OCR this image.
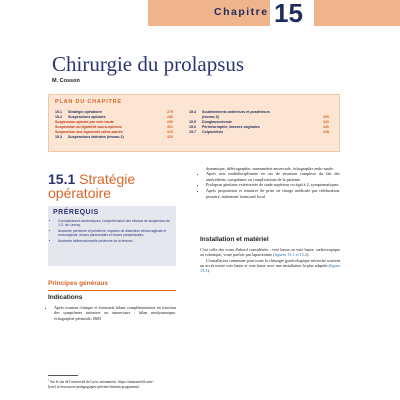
Chapitre 15
Chirurgie du prolapsus
M. Cosson
PLAN DU CHAPITRE
15.1 Stratégie opératoire	275
15.2 Suspensions apicales	286
Suspension apicale par voie haute	286
Suspension au ligament sacro-épineux	302
Suspension aux ligaments utéro-sacrés	315
15.3 Suspensions latérales (niveau 2)	320
15.4 Soutènements antérieurs et postérieurs
(niveau 3)	330
15.5 Douglassectomie	340
15.6 Périnéorraphie, bisexes vaginales	346
15.7 Colpocléisis	348
15.1 Stratégie
opératoire
PRÉREQUIS
• Connaissances anatomiques, compréhension des niveaux de suspension de J.O. de Lancey.
• Anatomie pelvienne et pelvienne, espaces de dissection vésicovaginale et rectovaginale, fosses pararectales et fosses paravésicales.
• Anatomie tridimensionnelle pelvienne de la femme¹.
Principes généraux
Indications
• Après examen clinique et éventuels bilans complémentaires en fonction des symptômes urinaires ou anorectaux : bilan urodynamique, échographie périnéale, IRM
dynamique, défécographie, manométrie anorectale, échographie endo-anale.
• Après avis multidisciplinaire en cas de situation complexe du fait des antécédents, symptômes ou complications de la patiente.
• Prolapsus génitaux extériorisés de stade supérieur ou égal à 2, symptomatiques.
• Après proposition et tentative de prise en charge médicale par rééducation, pessaire, traitement hormonal local.
Installation et matériel
C'est celle des voies d'abord considérées : voie basse ou voie haute, cœlioscopique ou robotique, voire parfois par laparotomie (figures 15.1 et 15.2).
L'installation commune pour toute la chirurgie gynécologique nécessite souvent un accès mixte voie haute et voie basse avec une installation la plus adaptée (figure 15.3).
$^{^1}$ Sur le site de l'université de Lyon, notamment : https://anatomie3d.univ-lyon1.fr/ressources-pedagogiques-pelvien-feminin-programme/.
